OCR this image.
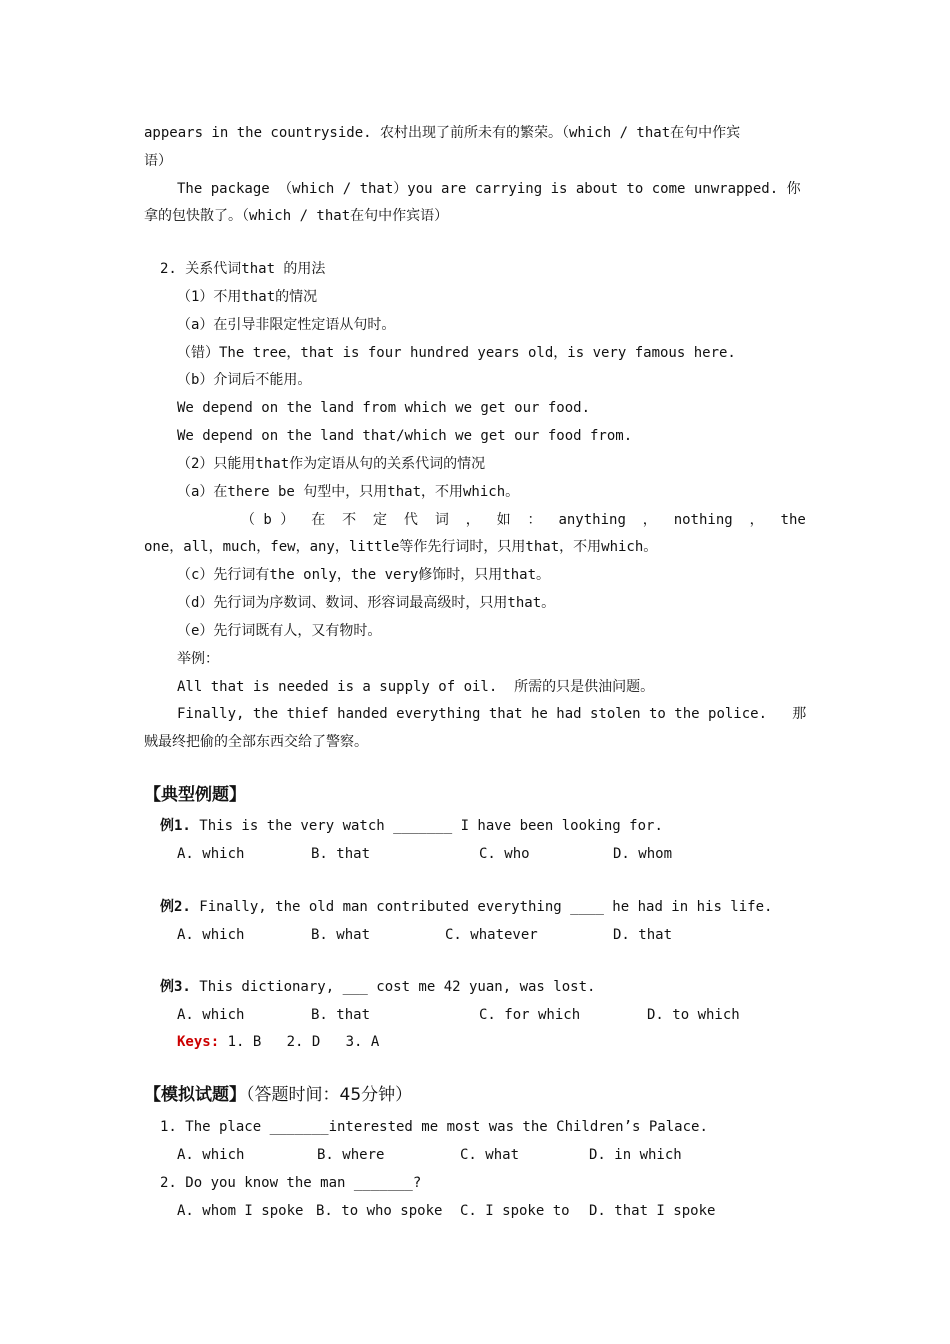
appears in the countryside. 农村出现了前所未有的繁荣。（which / that在句中作宾
语）
The package （which / that）you are carrying is about to come unwrapped. 你
拿的包快散了。（which / that在句中作宾语）
2. 关系代词that 的用法
（1）不用that的情况
（a）在引导非限定性定语从句时。
（错）The tree，that is four hundred years old，is very famous here.
（b）介词后不能用。
We depend on the land from which we get our food.
We depend on the land that/which we get our food from.
（2）只能用that作为定语从句的关系代词的情况
（a）在there be 句型中，只用that，不用which。
（ b ） 在 不 定 代 词 ， 如 ： anything ， nothing ， the
one，all，much，few，any，little等作先行词时，只用that，不用which。
（c）先行词有the only，the very修饰时，只用that。
（d）先行词为序数词、数词、形容词最高级时，只用that。
（e）先行词既有人，又有物时。
举例：
All that is needed is a supply of oil.  所需的只是供油问题。
Finally, the thief handed everything that he had stolen to the police.   那
贼最终把偷的全部东西交给了警察。
【典型例题】
例1. This is the very watch _______ I have been looking for.
A. which	B. that	C. who	D. whom
例2. Finally, the old man contributed everything ____ he had in his life.
A. which	B. what	C. whatever	D. that
例3. This dictionary, ___ cost me 42 yuan, was lost.
A. which	B. that	C. for which	D. to which
Keys: 1. B   2. D   3. A
【模拟试题】（答题时间：45分钟）
1. The place _______interested me most was the Children’s Palace.
A. which	B. where	C. what	D. in which
2. Do you know the man _______?
A. whom I spoke B. to who spoke C. I spoke to D. that I spoke
